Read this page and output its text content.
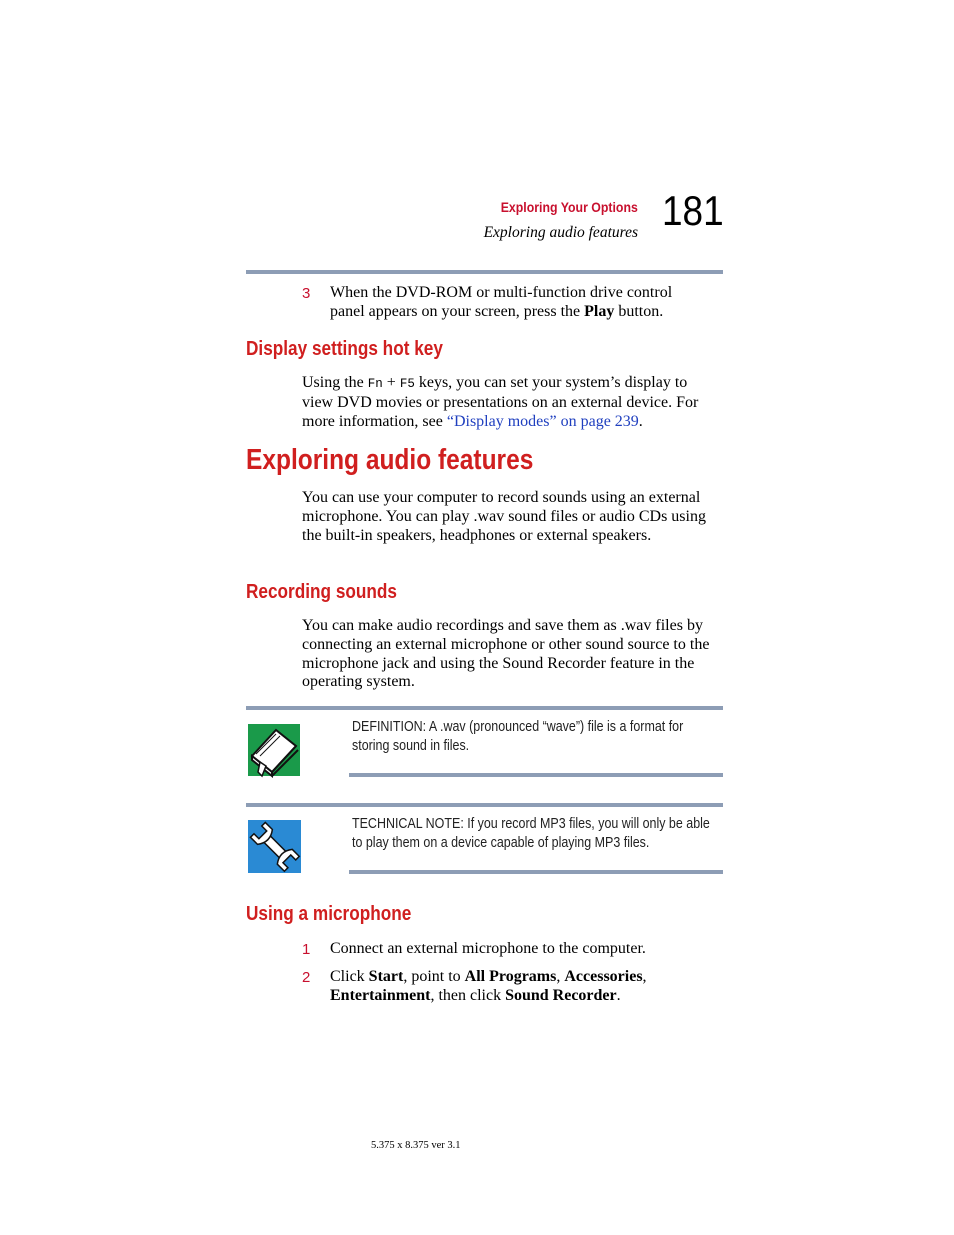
Exploring Your Options
Exploring audio features 181
3 When the DVD-ROM or multi-function drive control
panel appears on your screen, press the Play button.
Display settings hot key
Using the Fn + F5 keys, you can set your system’s display to view DVD movies or presentations on an external device. For more information, see “Display modes” on page 239.
Exploring audio features
You can use your computer to record sounds using an external microphone. You can play .wav sound files or audio CDs using the built-in speakers, headphones or external speakers.
Recording sounds
You can make audio recordings and save them as .wav files by connecting an external microphone or other sound source to the microphone jack and using the Sound Recorder feature in the operating system.
DEFINITION: A .wav (pronounced “wave”) file is a format for storing sound in files.
TECHNICAL NOTE: If you record MP3 files, you will only be able to play them on a device capable of playing MP3 files.
Using a microphone
1 Connect an external microphone to the computer.
2 Click Start, point to All Programs, Accessories,
Entertainment, then click Sound Recorder.
5.375 x 8.375 ver 3.1
